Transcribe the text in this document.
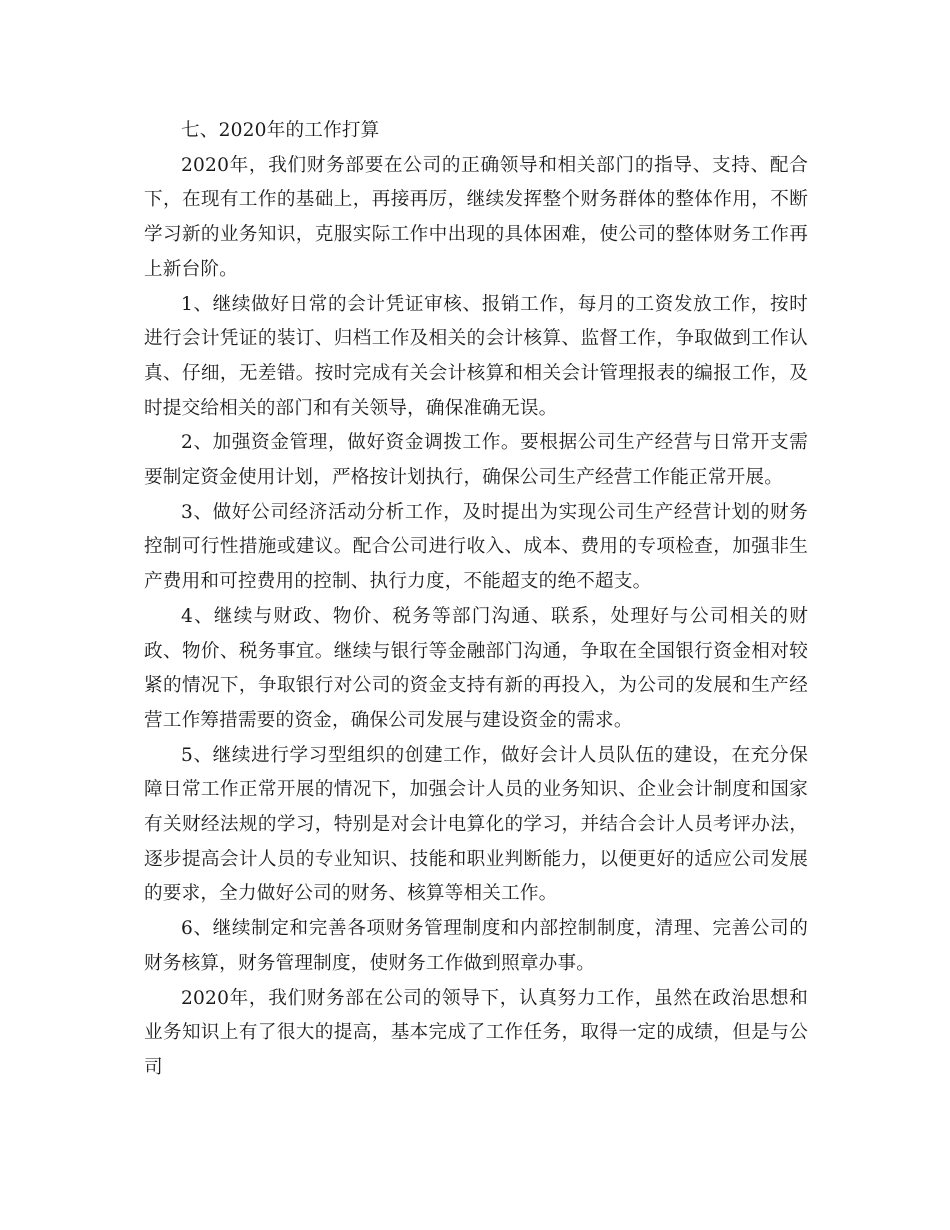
七、2020年的工作打算

2020年，我们财务部要在公司的正确领导和相关部门的指导、支持、配合下，在现有工作的基础上，再接再厉，继续发挥整个财务群体的整体作用，不断学习新的业务知识，克服实际工作中出现的具体困难，使公司的整体财务工作再上新台阶。

1、继续做好日常的会计凭证审核、报销工作，每月的工资发放工作，按时进行会计凭证的装订、归档工作及相关的会计核算、监督工作，争取做到工作认真、仔细，无差错。按时完成有关会计核算和相关会计管理报表的编报工作，及时提交给相关的部门和有关领导，确保准确无误。

2、加强资金管理，做好资金调拨工作。要根据公司生产经营与日常开支需要制定资金使用计划，严格按计划执行，确保公司生产经营工作能正常开展。

3、做好公司经济活动分析工作，及时提出为实现公司生产经营计划的财务控制可行性措施或建议。配合公司进行收入、成本、费用的专项检查，加强非生产费用和可控费用的控制、执行力度，不能超支的绝不超支。

4、继续与财政、物价、税务等部门沟通、联系，处理好与公司相关的财政、物价、税务事宜。继续与银行等金融部门沟通，争取在全国银行资金相对较紧的情况下，争取银行对公司的资金支持有新的再投入，为公司的发展和生产经营工作筹措需要的资金，确保公司发展与建设资金的需求。

5、继续进行学习型组织的创建工作，做好会计人员队伍的建设，在充分保障日常工作正常开展的情况下，加强会计人员的业务知识、企业会计制度和国家有关财经法规的学习，特别是对会计电算化的学习，并结合会计人员考评办法，逐步提高会计人员的专业知识、技能和职业判断能力，以便更好的适应公司发展的要求，全力做好公司的财务、核算等相关工作。

6、继续制定和完善各项财务管理制度和内部控制制度，清理、完善公司的财务核算，财务管理制度，使财务工作做到照章办事。

2020年，我们财务部在公司的领导下，认真努力工作，虽然在政治思想和业务知识上有了很大的提高，基本完成了工作任务，取得一定的成绩，但是与公司
